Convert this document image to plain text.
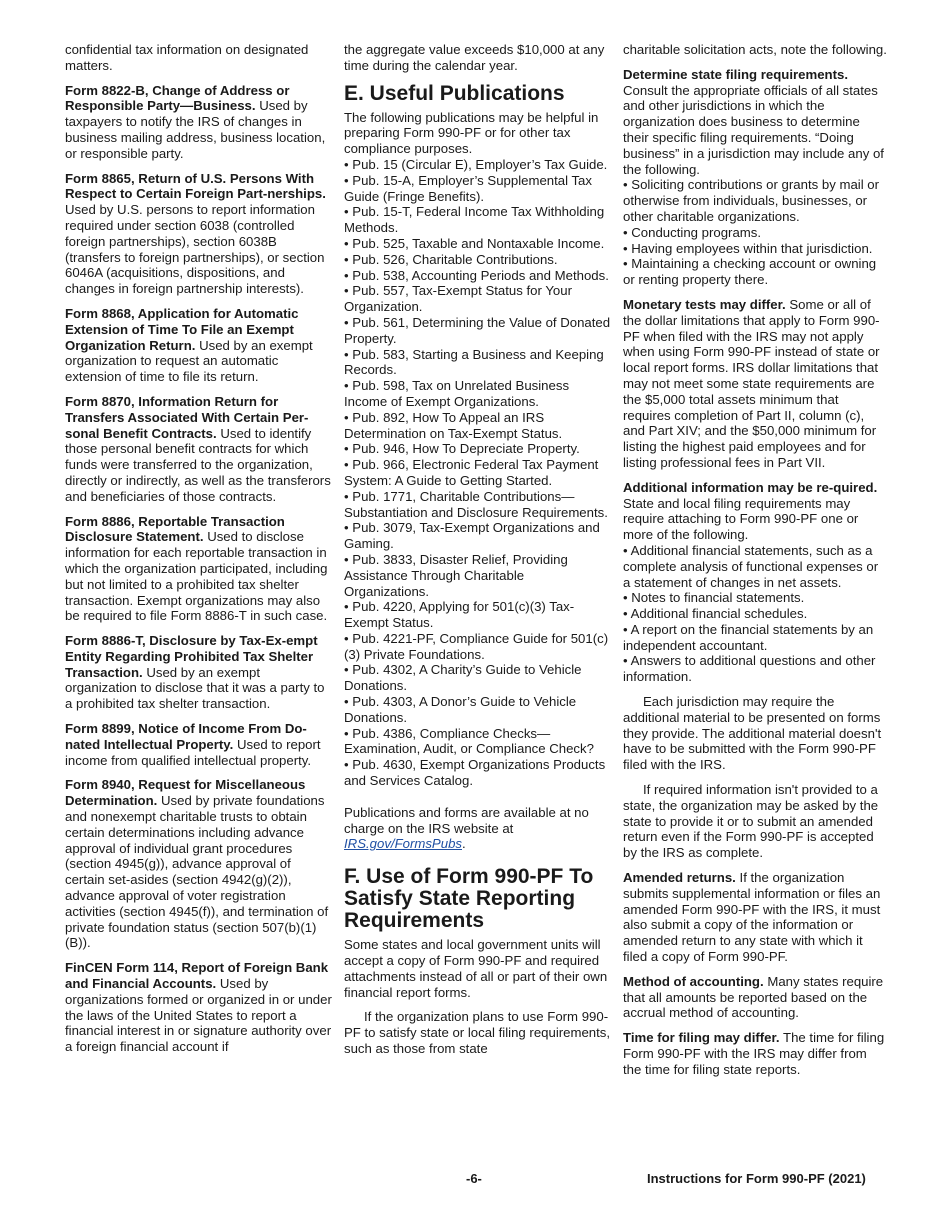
confidential tax information on designated matters.

Form 8822-B, Change of Address or Responsible Party—Business. Used by taxpayers to notify the IRS of changes in business mailing address, business location, or responsible party.

Form 8865, Return of U.S. Persons With Respect to Certain Foreign Part-nerships. Used by U.S. persons to report information required under section 6038 (controlled foreign partnerships), section 6038B (transfers to foreign partnerships), or section 6046A (acquisitions, dispositions, and changes in foreign partnership interests).

Form 8868, Application for Automatic Extension of Time To File an Exempt Organization Return. Used by an exempt organization to request an automatic extension of time to file its return.

Form 8870, Information Return for Transfers Associated With Certain Per-sonal Benefit Contracts. Used to identify those personal benefit contracts for which funds were transferred to the organization, directly or indirectly, as well as the transferors and beneficiaries of those contracts.

Form 8886, Reportable Transaction Disclosure Statement. Used to disclose information for each reportable transaction in which the organization participated, including but not limited to a prohibited tax shelter transaction. Exempt organizations may also be required to file Form 8886-T in such case.

Form 8886-T, Disclosure by Tax-Ex-empt Entity Regarding Prohibited Tax Shelter Transaction. Used by an exempt organization to disclose that it was a party to a prohibited tax shelter transaction.

Form 8899, Notice of Income From Do-nated Intellectual Property. Used to report income from qualified intellectual property.

Form 8940, Request for Miscellaneous Determination. Used by private foundations and nonexempt charitable trusts to obtain certain determinations including advance approval of individual grant procedures (section 4945(g)), advance approval of certain set-asides (section 4942(g)(2)), advance approval of voter registration activities (section 4945(f)), and termination of private foundation status (section 507(b)(1)(B)).

FinCEN Form 114, Report of Foreign Bank and Financial Accounts. Used by organizations formed or organized in or under the laws of the United States to report a financial interest in or signature authority over a foreign financial account if

the aggregate value exceeds $10,000 at any time during the calendar year.

E. Useful Publications

The following publications may be helpful in preparing Form 990-PF or for other tax compliance purposes.

• Pub. 15 (Circular E), Employer’s Tax Guide.
• Pub. 15-A, Employer’s Supplemental Tax Guide (Fringe Benefits).
• Pub. 15-T, Federal Income Tax Withholding Methods.
• Pub. 525, Taxable and Nontaxable Income.
• Pub. 526, Charitable Contributions.
• Pub. 538, Accounting Periods and Methods.
• Pub. 557, Tax-Exempt Status for Your Organization.
• Pub. 561, Determining the Value of Donated Property.
• Pub. 583, Starting a Business and Keeping Records.
• Pub. 598, Tax on Unrelated Business Income of Exempt Organizations.
• Pub. 892, How To Appeal an IRS Determination on Tax-Exempt Status.
• Pub. 946, How To Depreciate Property.
• Pub. 966, Electronic Federal Tax Payment System: A Guide to Getting Started.
• Pub. 1771, Charitable Contributions—Substantiation and Disclosure Requirements.
• Pub. 3079, Tax-Exempt Organizations and Gaming.
• Pub. 3833, Disaster Relief, Providing Assistance Through Charitable Organizations.
• Pub. 4220, Applying for 501(c)(3) Tax-Exempt Status.
• Pub. 4221-PF, Compliance Guide for 501(c)(3) Private Foundations.
• Pub. 4302, A Charity’s Guide to Vehicle Donations.
• Pub. 4303, A Donor’s Guide to Vehicle Donations.
• Pub. 4386, Compliance Checks—Examination, Audit, or Compliance Check?
• Pub. 4630, Exempt Organizations Products and Services Catalog.

Publications and forms are available at no charge on the IRS website at IRS.gov/FormsPubs.

F. Use of Form 990-PF To Satisfy State Reporting Requirements

Some states and local government units will accept a copy of Form 990-PF and required attachments instead of all or part of their own financial report forms.

If the organization plans to use Form 990-PF to satisfy state or local filing requirements, such as those from state

charitable solicitation acts, note the following.

Determine state filing requirements. Consult the appropriate officials of all states and other jurisdictions in which the organization does business to determine their specific filing requirements. “Doing business” in a jurisdiction may include any of the following.

• Soliciting contributions or grants by mail or otherwise from individuals, businesses, or other charitable organizations.
• Conducting programs.
• Having employees within that jurisdiction.
• Maintaining a checking account or owning or renting property there.

Monetary tests may differ. Some or all of the dollar limitations that apply to Form 990-PF when filed with the IRS may not apply when using Form 990-PF instead of state or local report forms. IRS dollar limitations that may not meet some state requirements are the $5,000 total assets minimum that requires completion of Part II, column (c), and Part XIV; and the $50,000 minimum for listing the highest paid employees and for listing professional fees in Part VII.

Additional information may be re-quired. State and local filing requirements may require attaching to Form 990-PF one or more of the following.

• Additional financial statements, such as a complete analysis of functional expenses or a statement of changes in net assets.
• Notes to financial statements.
• Additional financial schedules.
• A report on the financial statements by an independent accountant.
• Answers to additional questions and other information.

Each jurisdiction may require the additional material to be presented on forms they provide. The additional material doesn't have to be submitted with the Form 990-PF filed with the IRS.

If required information isn't provided to a state, the organization may be asked by the state to provide it or to submit an amended return even if the Form 990-PF is accepted by the IRS as complete.

Amended returns. If the organization submits supplemental information or files an amended Form 990-PF with the IRS, it must also submit a copy of the information or amended return to any state with which it filed a copy of Form 990-PF.

Method of accounting. Many states require that all amounts be reported based on the accrual method of accounting.

Time for filing may differ. The time for filing Form 990-PF with the IRS may differ from the time for filing state reports.

-6-	Instructions for Form 990-PF (2021)
